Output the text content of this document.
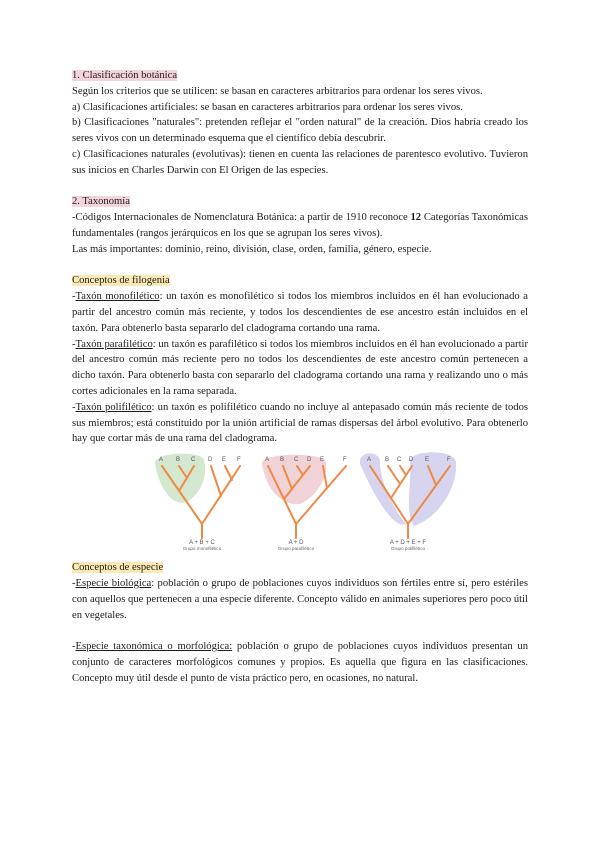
1. Clasificación botánica

Según los criterios que se utilicen: se basan en caracteres arbitrarios para ordenar los seres vivos.

a) Clasificaciones artificiales: se basan en caracteres arbitrarios para ordenar los seres vivos.

b) Clasificaciones "naturales": pretenden reflejar el "orden natural" de la creación. Dios habría creado los seres vivos con un determinado esquema que el científico debía descubrir.

c) Clasificaciones naturales (evolutivas): tienen en cuenta las relaciones de parentesco evolutivo. Tuvieron sus inicios en Charles Darwin con El Origen de las especies.

2. Taxonomía

-Códigos Internacionales de Nomenclatura Botánica: a partir de 1910 reconoce 12 Categorías Taxonómicas fundamentales (rangos jerárquicos en los que se agrupan los seres vivos).

Las más importantes: dominio, reino, división, clase, orden, familia, género, especie.

Conceptos de filogenia

-Taxón monofilético: un taxón es monofilético si todos los miembros incluidos en él han evolucionado a partir del ancestro común más reciente, y todos los descendientes de ese ancestro están incluidos en el taxón. Para obtenerlo basta separarlo del cladograma cortando una rama.

-Taxón parafilético: un taxón es parafilético si todos los miembros incluidos en él han evolucionado a partir del ancestro común más reciente pero no todos los descendientes de este ancestro común pertenecen a dicho taxón. Para obtenerlo basta con separarlo del cladograma cortando una rama y realizando uno o más cortes adicionales en la rama separada.

-Taxón polifilético: un taxón es polifilético cuando no incluye al antepasado común más reciente de todos sus miembros; está constituido por la unión artificial de ramas dispersas del árbol evolutivo. Para obtenerlo hay que cortar más de una rama del cladograma.

A B C D E F
A + B + C
Grupo monofilético
A B C D E	F
A + D
Grupo parafilético
A B C D E	F
A + D + E + F
Grupo polifilético

Conceptos de especie

-Especie biológica: población o grupo de poblaciones cuyos individuos son fértiles entre sí, pero estériles con aquellos que pertenecen a una especie diferente. Concepto válido en animales superiores pero poco útil en vegetales.

-Especie taxonómica o morfológica: población o grupo de poblaciones cuyos individuos presentan un conjunto de caracteres morfológicos comunes y propios. Es aquella que figura en las clasificaciones. Concepto muy útil desde el punto de vista práctico pero, en ocasiones, no natural.
